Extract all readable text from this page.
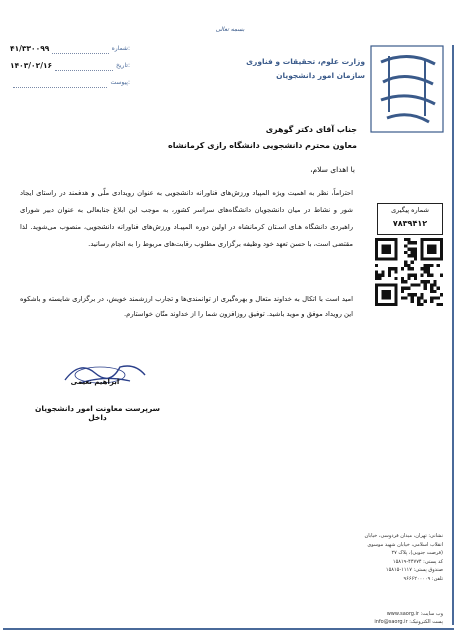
بسمه تعالی
وزارت علوم، تحقیقات و فناوری
سازمان امور دانشجویان
۴۱/۳۳۰۰۹۹	شماره:
۱۴۰۳/۰۲/۱۶	تاریخ:
پیوست:
جناب آقای دکتر گوهری
معاون محترم دانشجویی دانشگاه رازی کرمانشاه
با اهدای سلام،
احتراماً، نظر به اهمیت ویژه المپیاد ورزش‌های فناورانه دانشجویی به عنوان رویدادی ملّی و هدفمند در راستای ایجاد شور و نشاط در میان دانشجویان دانشگاه‌های سراسر کشور، به موجب این ابلاغ جنابعالی به عنوان دبیر شورای راهبردی دانشگاه هـای اسـتان کرمانشاه در اولین دوره المپیـاد ورزش‌های فناورانه دانشجویی، منصوب می‌شوید. لذا مقتضی است، با حسن تعهد خود وظیفه برگزاری مطلوب رقابت‌های مربوط را به انجام رسانید.
امید است با اتکال به خداوند متعال و بهره‌گیری از توانمندی‌ها و تجارب ارزشمند خویش، در برگزاری شایسته و باشکوه این رویداد موفق و موید باشید. توفیق روزافزون شما را از خداوند منّان خواستارم.
شماره پیگیری
۷۸۳۹۴۱۲
ابراهیم نعیمی
سرپرست معاونت امور دانشجویان داخل
نشانی: تهران، میدان فردوسی، خیابان انقلاب اسلامی، خیابان شهید موسوی (فرصت جنوبی)، پلاک ۲۷
کد پستی: ۴۴۷۷۴-۱۵۸۱۹
صندوق پستی: ۱۱۱۷-۱۵۸۱۵
تلفن: ۹۶۶۶۲۰۰۰۰۹
www.saorg.ir :وب سایت
info@saorg.ir :پست الکترونیک
